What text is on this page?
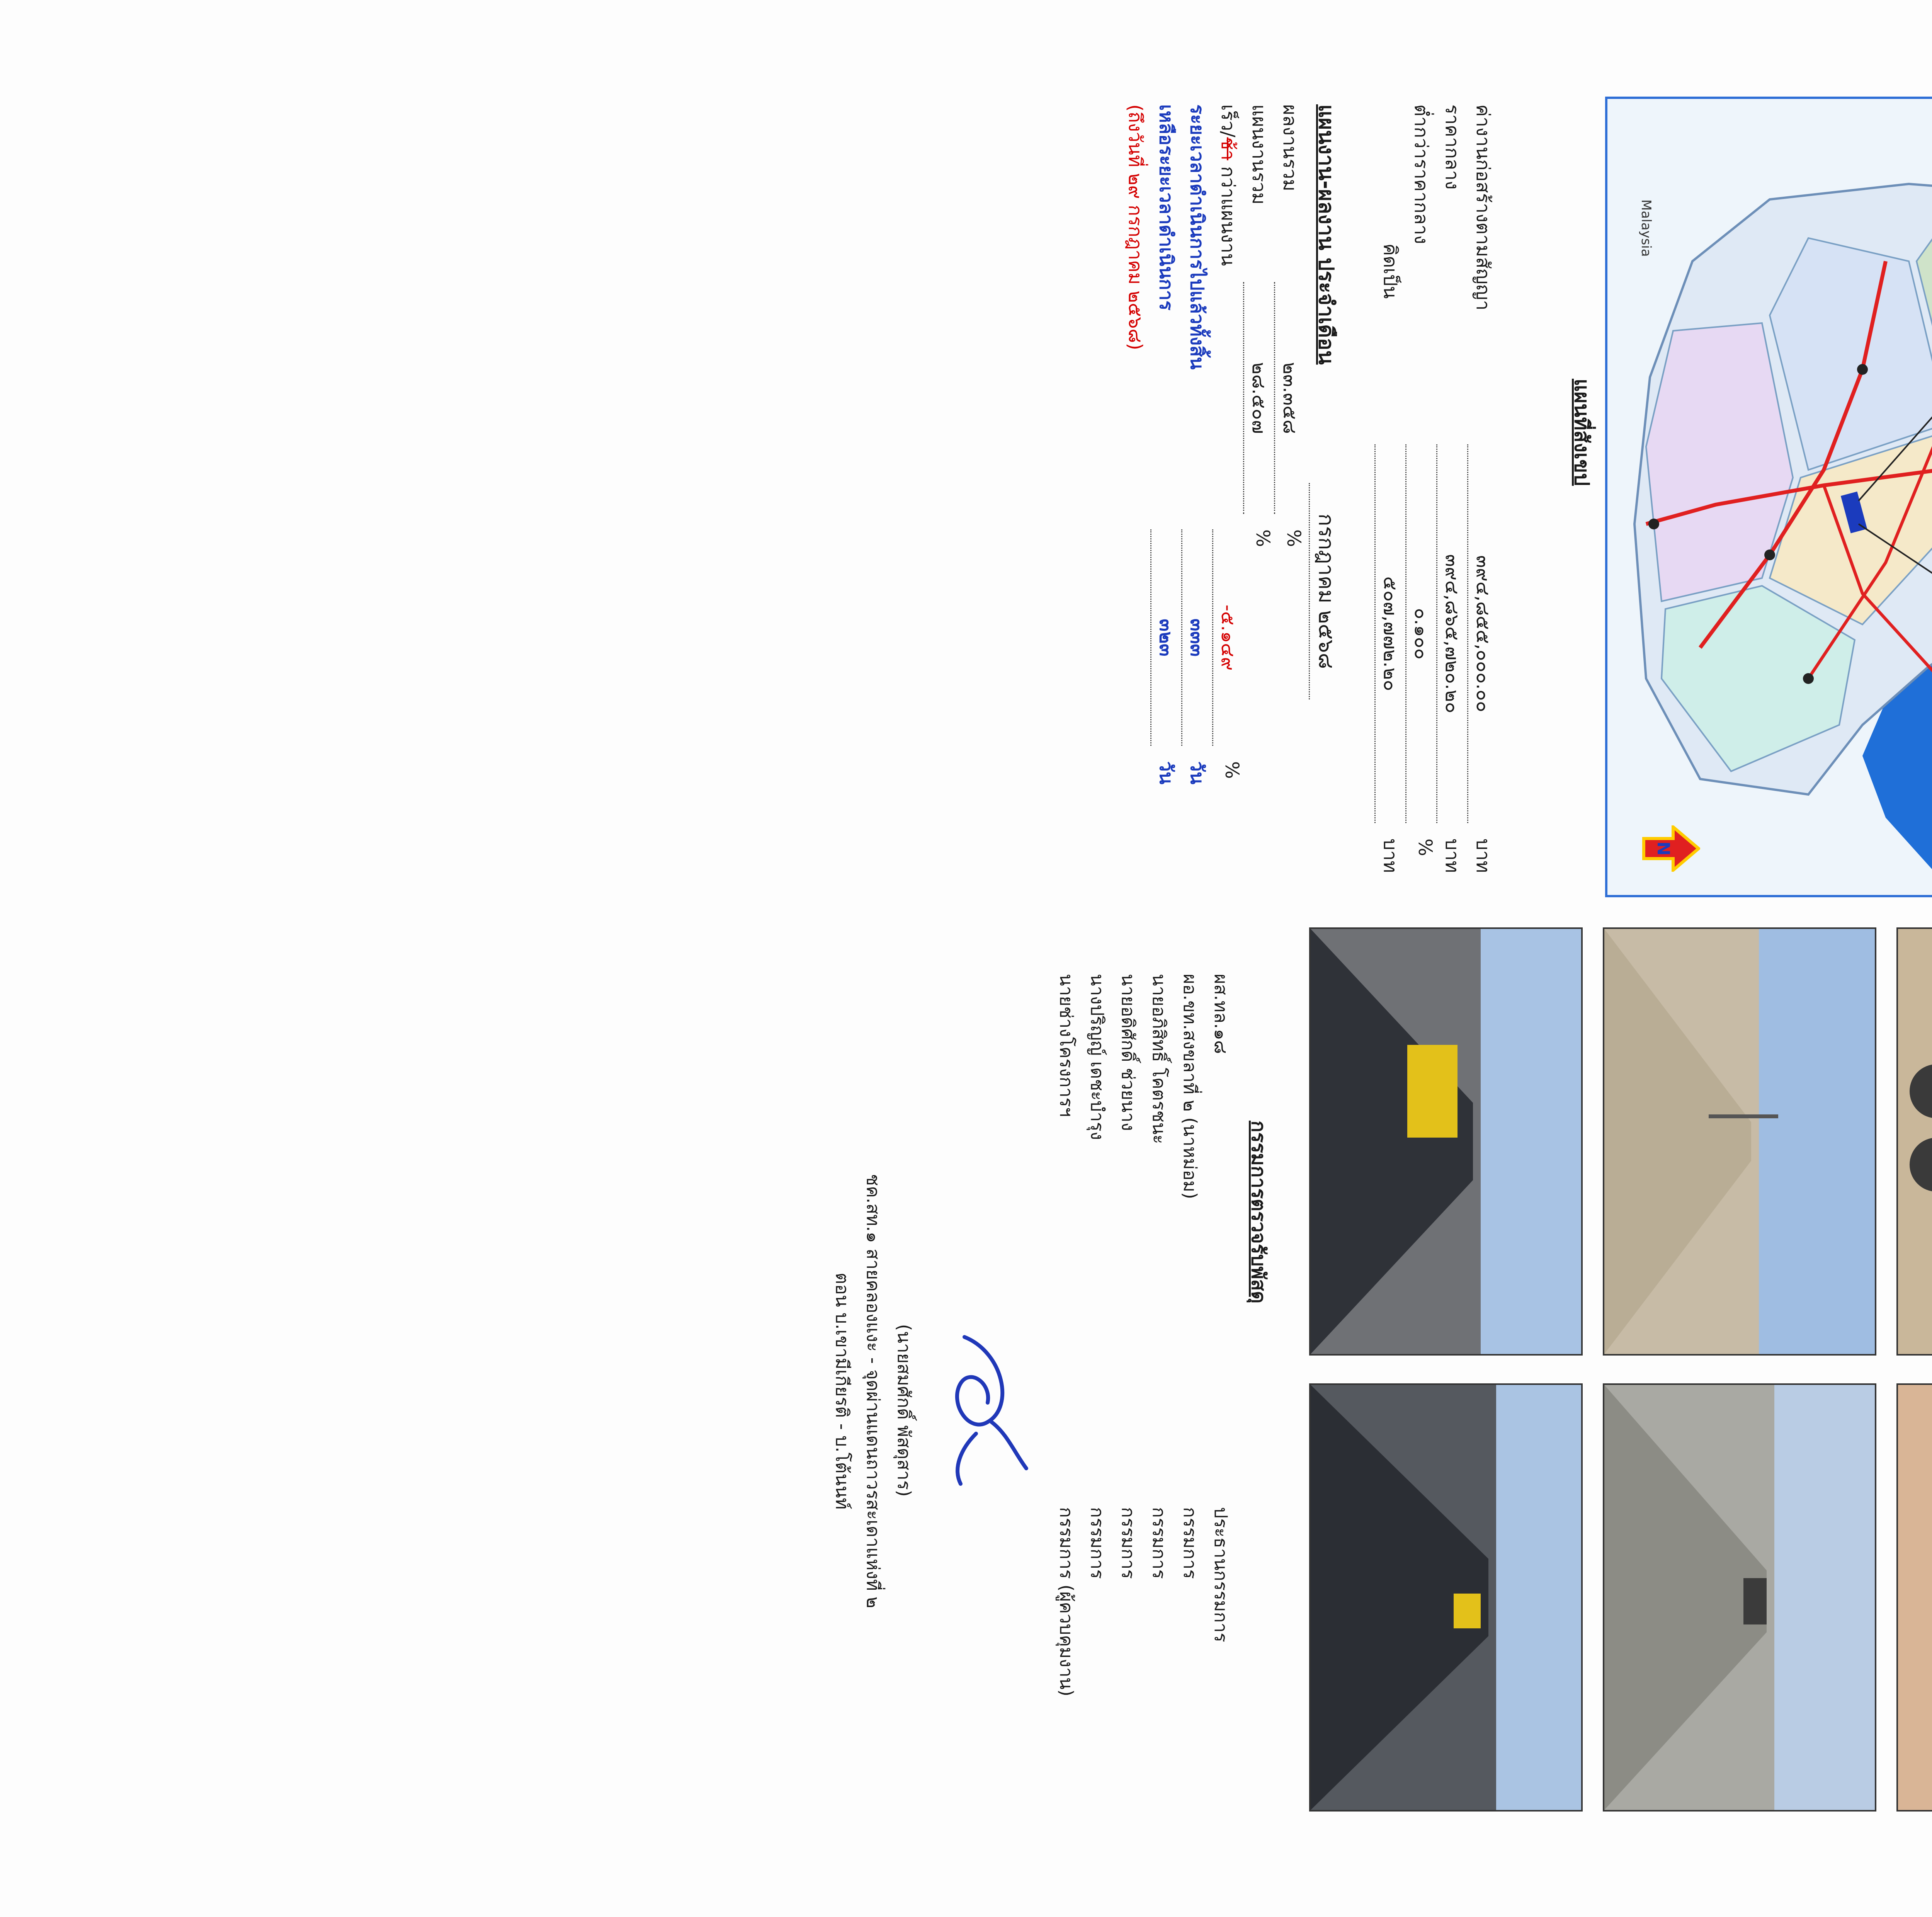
Malaysia
N
แผนที่สังเขป
ค่างานก่อสร้างตามสัญญา
๓๙๔,๘๕๕,๐๐๐.๐๐
บาท
ราคากลาง
๓๙๔,๘๖๕,๗๒๐.๒๐
บาท
ต่ำกว่าราคากลาง
๐.๑๐๐
%
คิดเป็น
๕๐๗,๗๗๒.๒๐
บาท
แผนงาน-ผลงาน ประจำเดือน
กรกฎาคม ๒๕๖๘
ผลงานรวม
๒๓.๓๕๘
%
แผนงานรวม
๒๘.๕๐๗
%
เร็ว/ช้า กว่าแผนงาน
-๕.๑๔๙
%
ระยะเวลาดำเนินการไปแล้วทั้งสิ้น
๓๓๓
วัน
เหลือระยะเวลาดำเนินการ
๓๒๓
วัน
(ถึงวันที่ ๒๙ กรกฎาคม ๒๕๖๘)

กรรมการตรวจรับพัสดุ
ผส.ทล.๑๘
ประธานกรรมการ
ผอ.ขท.สงขลาที่ ๒ (นาหม่อม)
กรรมการ
นายอภิสิทธิ์ โคตรชนะ
กรรมการ
นายอดิศักดิ์ ช่วยนาง
กรรมการ
นางปริญญ์ เดชะบำรุง
กรรมการ
นายช่างโครงการฯ
กรรมการ (ผู้ควบคุมงาน)
(นายสมศักดิ์ พัสดุสาร)
ชค.สท.๑ สายคลองแงะ - จุดผ่านแดนถาวรสะเดาแห่งที่ ๒
ตอน บ.เขามีเกียรติ - บ.โต้นนท์
